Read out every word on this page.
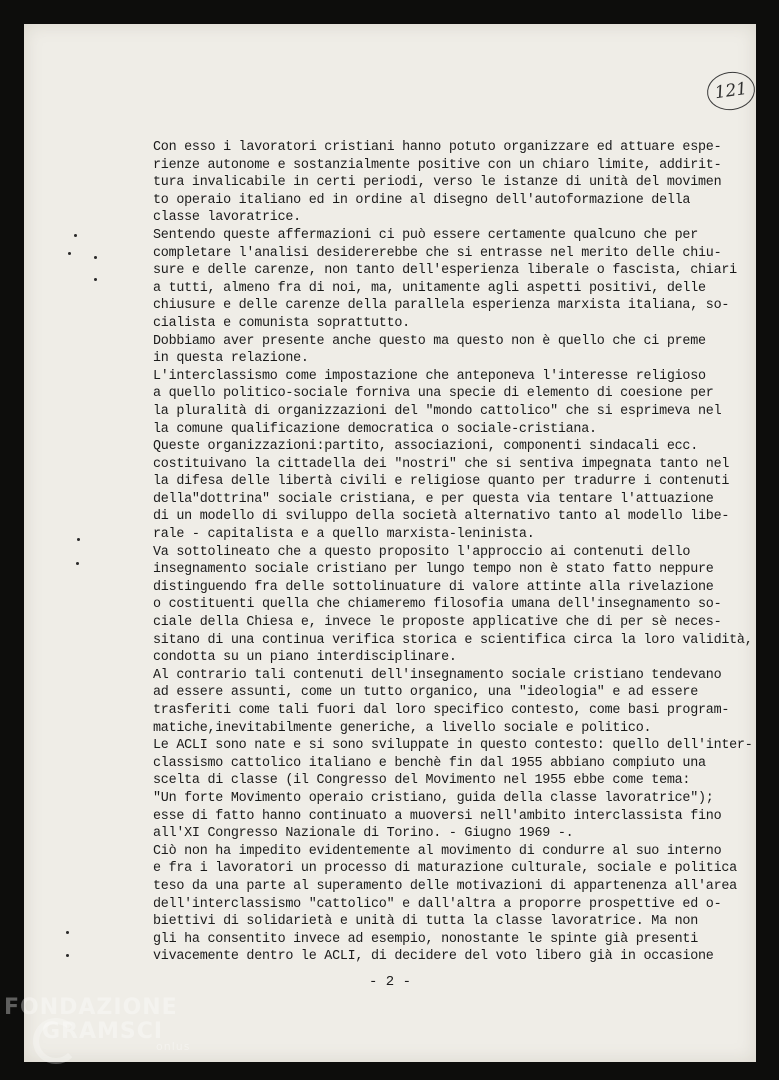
121
Con esso i lavoratori cristiani hanno potuto organizzare ed attuare espe-
rienze autonome e sostanzialmente positive con un chiaro limite, addirit-
tura invalicabile in certi periodi, verso le istanze di unità del movimen
to operaio italiano ed in ordine al disegno dell'autoformazione della
classe lavoratrice.
Sentendo queste affermazioni ci può essere certamente qualcuno che per
completare l'analisi desidererebbe che si entrasse nel merito delle chiu-
sure e delle carenze, non tanto dell'esperienza liberale o fascista, chiari
a tutti, almeno fra di noi, ma, unitamente agli aspetti positivi, delle
chiusure e delle carenze della parallela esperienza marxista italiana, so-
cialista e comunista soprattutto.
Dobbiamo aver presente anche questo ma questo non è quello che ci preme
in questa relazione.
L'interclassismo come impostazione che anteponeva l'interesse religioso
a quello politico-sociale forniva una specie di elemento di coesione per
la pluralità di organizzazioni del "mondo cattolico" che si esprimeva nel
la comune qualificazione democratica o sociale-cristiana.
Queste organizzazioni:partito, associazioni, componenti sindacali ecc.
costituivano la cittadella dei "nostri" che si sentiva impegnata tanto nel
la difesa delle libertà civili e religiose quanto per tradurre i contenuti
della"dottrina" sociale cristiana, e per questa via tentare l'attuazione
di un modello di sviluppo della società alternativo tanto al modello libe-
rale - capitalista e a quello marxista-leninista.
Va sottolineato che a questo proposito l'approccio ai contenuti dello
insegnamento sociale cristiano per lungo tempo non è stato fatto neppure
distinguendo fra delle sottolinuature di valore attinte alla rivelazione
o costituenti quella che chiameremo filosofia umana dell'insegnamento so-
ciale della Chiesa e, invece le proposte applicative che di per sè neces-
sitano di una continua verifica storica e scientifica circa la loro validità,
condotta su un piano interdisciplinare.
Al contrario tali contenuti dell'insegnamento sociale cristiano tendevano
ad essere assunti, come un tutto organico, una "ideologia" e ad essere
trasferiti come tali fuori dal loro specifico contesto, come basi program-
matiche,inevitabilmente generiche, a livello sociale e politico.
Le ACLI sono nate e si sono sviluppate in questo contesto: quello dell'inter-
classismo cattolico italiano e benchè fin dal 1955 abbiano compiuto una
scelta di classe (il Congresso del Movimento nel 1955 ebbe come tema:
"Un forte Movimento operaio cristiano, guida della classe lavoratrice");
esse di fatto hanno continuato a muoversi nell'ambito interclassista fino
all'XI Congresso Nazionale di Torino. - Giugno 1969 -.
Ciò non ha impedito evidentemente al movimento di condurre al suo interno
e fra i lavoratori un processo di maturazione culturale, sociale e politica
teso da una parte al superamento delle motivazioni di appartenenza all'area
dell'interclassismo "cattolico" e dall'altra a proporre prospettive ed o-
biettivi di solidarietà e unità di tutta la classe lavoratrice. Ma non
gli ha consentito invece ad esempio, nonostante le spinte già presenti
vivacemente dentro le ACLI, di decidere del voto libero già in occasione
- 2 -
FONDAZIONE
GRAMSCI
onlus
